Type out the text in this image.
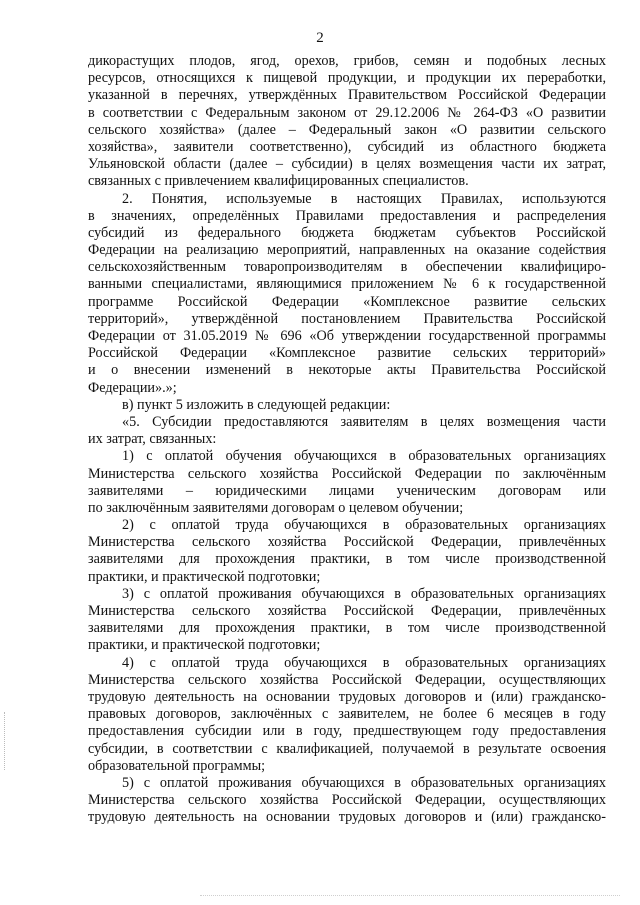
2
дикорастущих плодов, ягод, орехов, грибов, семян и подобных лесных
ресурсов, относящихся к пищевой продукции, и продукции их переработки,
указанной в перечнях, утверждённых Правительством Российской Федерации
в соответствии с Федеральным законом от 29.12.2006 № 264-ФЗ «О развитии
сельского хозяйства» (далее – Федеральный закон «О развитии сельского
хозяйства», заявители соответственно), субсидий из областного бюджета
Ульяновской области (далее – субсидии) в целях возмещения части их затрат,
связанных с привлечением квалифицированных специалистов.
2. Понятия, используемые в настоящих Правилах, используются
в значениях, определённых Правилами предоставления и распределения
субсидий из федерального бюджета бюджетам субъектов Российской
Федерации на реализацию мероприятий, направленных на оказание содействия
сельскохозяйственным товаропроизводителям в обеспечении квалифициро-
ванными специалистами, являющимися приложением № 6 к государственной
программе Российской Федерации «Комплексное развитие сельских
территорий», утверждённой постановлением Правительства Российской
Федерации от 31.05.2019 № 696 «Об утверждении государственной программы
Российской Федерации «Комплексное развитие сельских территорий»
и о внесении изменений в некоторые акты Правительства Российской
Федерации».»;
в) пункт 5 изложить в следующей редакции:
«5. Субсидии предоставляются заявителям в целях возмещения части
их затрат, связанных:
1) с оплатой обучения обучающихся в образовательных организациях
Министерства сельского хозяйства Российской Федерации по заключённым
заявителями – юридическими лицами ученическим договорам или
по заключённым заявителями договорам о целевом обучении;
2) с оплатой труда обучающихся в образовательных организациях
Министерства сельского хозяйства Российской Федерации, привлечённых
заявителями для прохождения практики, в том числе производственной
практики, и практической подготовки;
3) с оплатой проживания обучающихся в образовательных организациях
Министерства сельского хозяйства Российской Федерации, привлечённых
заявителями для прохождения практики, в том числе производственной
практики, и практической подготовки;
4) с оплатой труда обучающихся в образовательных организациях
Министерства сельского хозяйства Российской Федерации, осуществляющих
трудовую деятельность на основании трудовых договоров и (или) гражданско-
правовых договоров, заключённых с заявителем, не более 6 месяцев в году
предоставления субсидии или в году, предшествующем году предоставления
субсидии, в соответствии с квалификацией, получаемой в результате освоения
образовательной программы;
5) с оплатой проживания обучающихся в образовательных организациях
Министерства сельского хозяйства Российской Федерации, осуществляющих
трудовую деятельность на основании трудовых договоров и (или) гражданско-
